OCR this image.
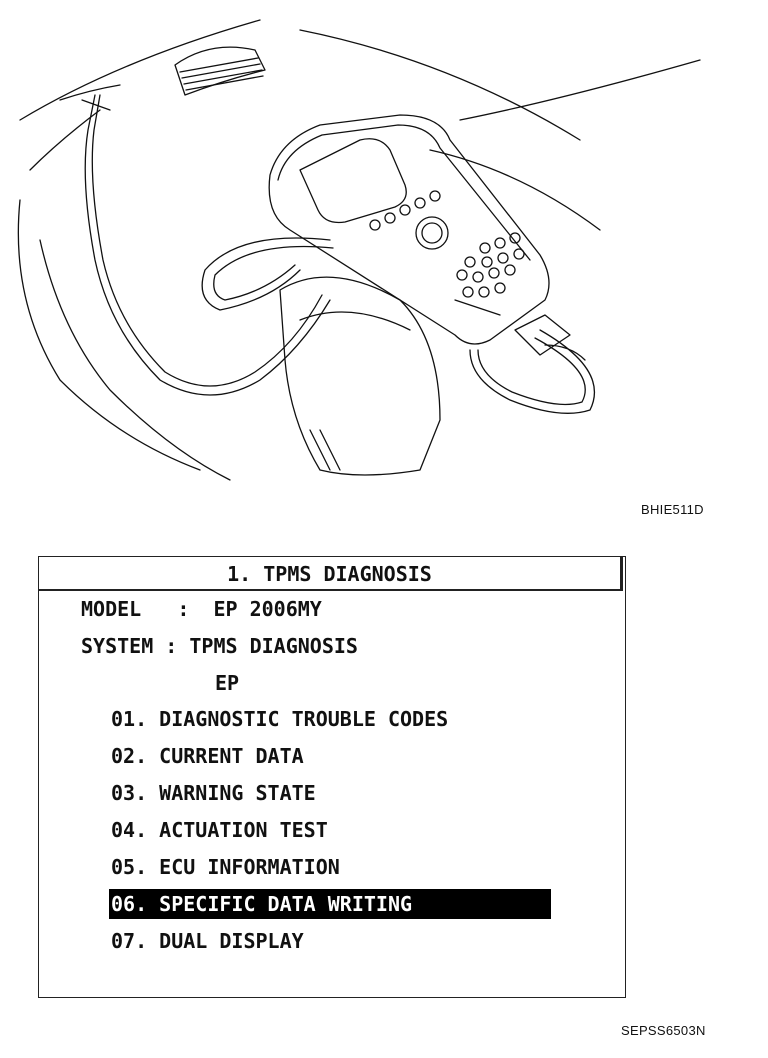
BHIE511D
1. TPMS DIAGNOSIS
MODEL   :  EP 2006MY
SYSTEM : TPMS DIAGNOSIS
EP
01. DIAGNOSTIC TROUBLE CODES
02. CURRENT DATA
03. WARNING STATE
04. ACTUATION TEST
05. ECU INFORMATION
06. SPECIFIC DATA WRITING
07. DUAL DISPLAY
SEPSS6503N
